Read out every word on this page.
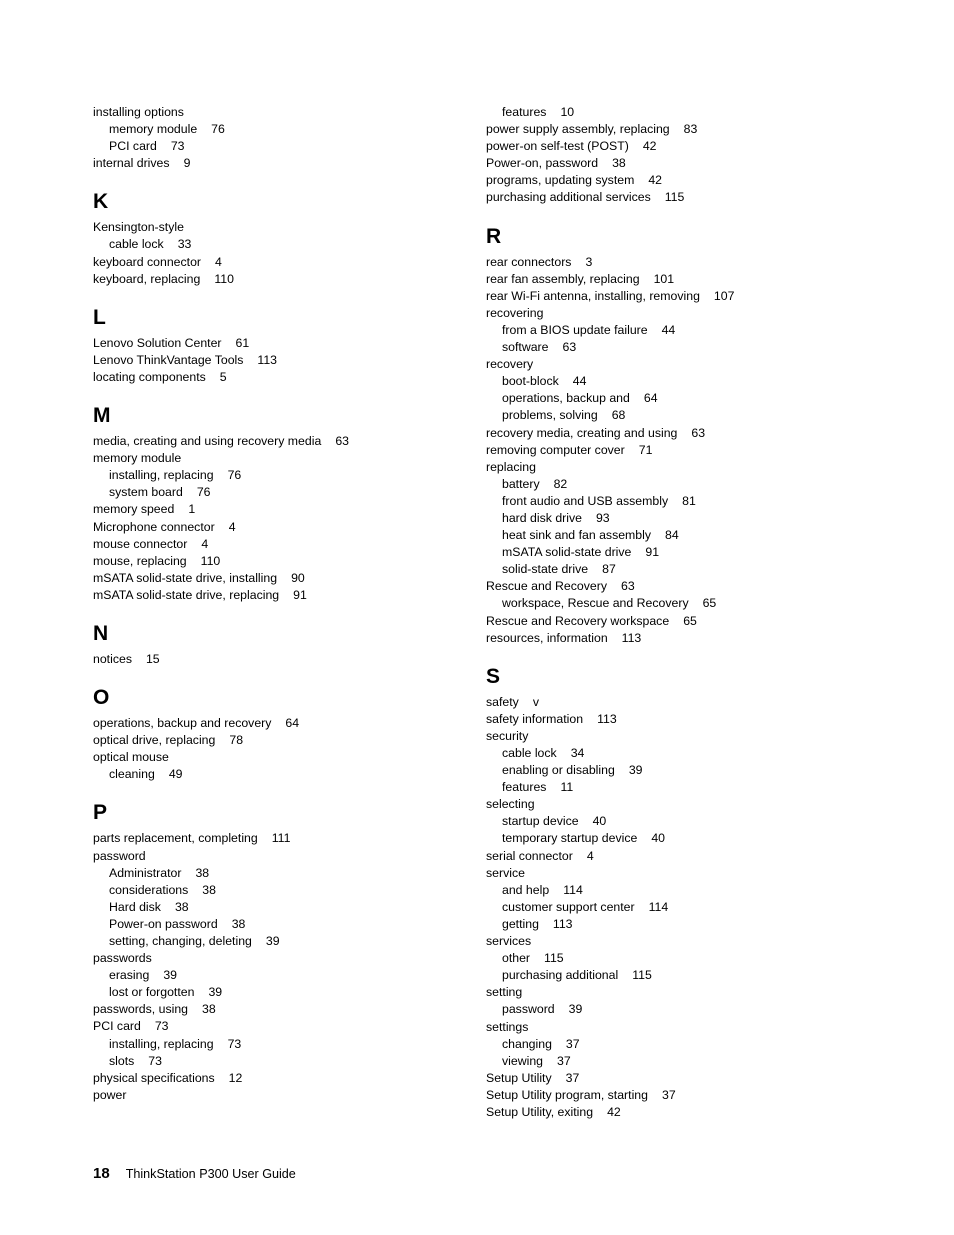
installing options
memory module 76
PCI card 73
internal drives 9
K
Kensington-style
cable lock 33
keyboard connector 4
keyboard, replacing 110
L
Lenovo Solution Center 61
Lenovo ThinkVantage Tools 113
locating components 5
M
media, creating and using recovery media 63
memory module
installing, replacing 76
system board 76
memory speed 1
Microphone connector 4
mouse connector 4
mouse, replacing 110
mSATA solid-state drive, installing 90
mSATA solid-state drive, replacing 91
N
notices 15
O
operations, backup and recovery 64
optical drive, replacing 78
optical mouse
cleaning 49
P
parts replacement, completing 111
password
Administrator 38
considerations 38
Hard disk 38
Power-on password 38
setting, changing, deleting 39
passwords
erasing 39
lost or forgotten 39
passwords, using 38
PCI card 73
installing, replacing 73
slots 73
physical specifications 12
power
features 10
power supply assembly, replacing 83
power-on self-test (POST) 42
Power-on, password 38
programs, updating system 42
purchasing additional services 115
R
rear connectors 3
rear fan assembly, replacing 101
rear Wi-Fi antenna, installing, removing 107
recovering
from a BIOS update failure 44
software 63
recovery
boot-block 44
operations, backup and 64
problems, solving 68
recovery media, creating and using 63
removing computer cover 71
replacing
battery 82
front audio and USB assembly 81
hard disk drive 93
heat sink and fan assembly 84
mSATA solid-state drive 91
solid-state drive 87
Rescue and Recovery 63
workspace, Rescue and Recovery 65
Rescue and Recovery workspace 65
resources, information 113
S
safety v
safety information 113
security
cable lock 34
enabling or disabling 39
features 11
selecting
startup device 40
temporary startup device 40
serial connector 4
service
and help 114
customer support center 114
getting 113
services
other 115
purchasing additional 115
setting
password 39
settings
changing 37
viewing 37
Setup Utility 37
Setup Utility program, starting 37
Setup Utility, exiting 42
18 ThinkStation P300 User Guide
